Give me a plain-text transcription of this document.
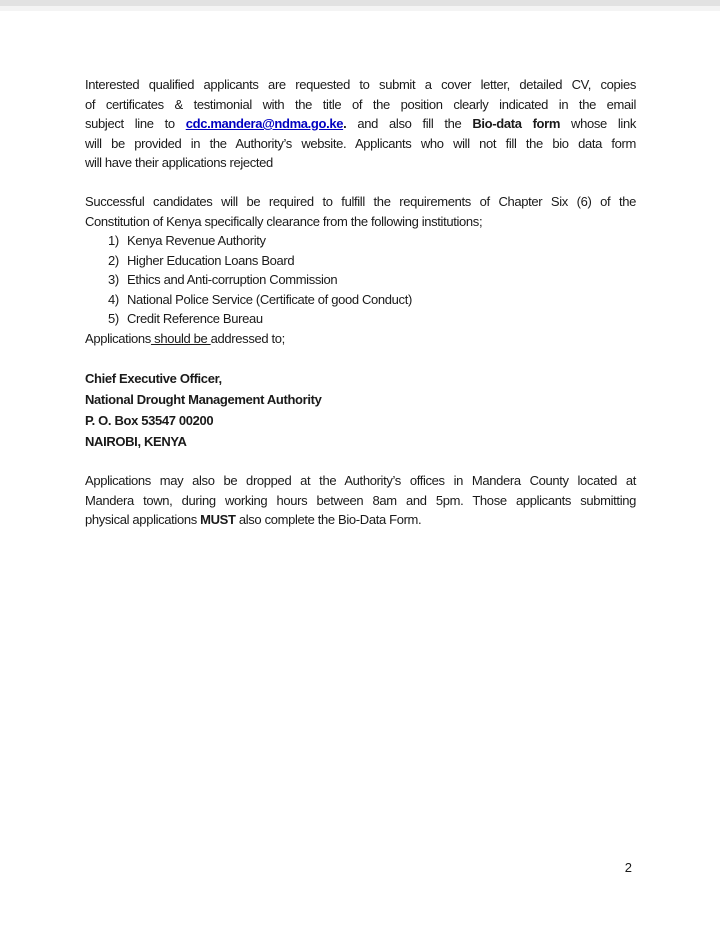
Interested qualified applicants are requested to submit a cover letter, detailed CV, copies

of certificates & testimonial with the title of the position clearly indicated in the email

subject line to cdc.mandera@ndma.go.ke. and also fill the Bio-data form whose link

will be provided in the Authority’s website. Applicants who will not fill the bio data form

will have their applications rejected

Successful candidates will be required to fulfill the requirements of Chapter Six (6) of the

Constitution of Kenya specifically clearance from the following institutions;

1) Kenya Revenue Authority
2) Higher Education Loans Board
3) Ethics and Anti-corruption Commission
4) National Police Service (Certificate of good Conduct)
5) Credit Reference Bureau

Applications should be addressed to;

Chief Executive Officer,

National Drought Management Authority

P. O. Box 53547 00200

NAIROBI, KENYA

Applications may also be dropped at the Authority’s offices in Mandera County located at

Mandera town, during working hours between 8am and 5pm. Those applicants submitting

physical applications MUST also complete the Bio-Data Form.

2
